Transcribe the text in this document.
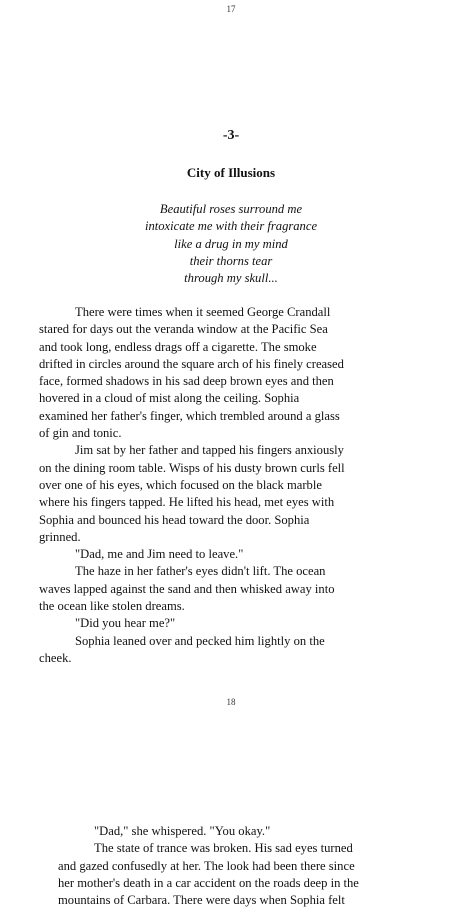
17
-3-
City of Illusions
Beautiful roses surround me
intoxicate me with their fragrance
like a drug in my mind
their thorns tear
through my skull...
There were times when it seemed George Crandall
stared for days out the veranda window at the Pacific Sea
and took long, endless drags off a cigarette. The smoke
drifted in circles around the square arch of his finely creased
face, formed shadows in his sad deep brown eyes and then
hovered in a cloud of mist along the ceiling. Sophia
examined her father's finger, which trembled around a glass
of gin and tonic.
Jim sat by her father and tapped his fingers anxiously
on the dining room table. Wisps of his dusty brown curls fell
over one of his eyes, which focused on the black marble
where his fingers tapped. He lifted his head, met eyes with
Sophia and bounced his head toward the door. Sophia
grinned.
"Dad, me and Jim need to leave."
The haze in her father's eyes didn't lift. The ocean
waves lapped against the sand and then whisked away into
the ocean like stolen dreams.
"Did you hear me?"
Sophia leaned over and pecked him lightly on the
cheek.
18
"Dad," she whispered. "You okay."
The state of trance was broken. His sad eyes turned
and gazed confusedly at her. The look had been there since
her mother's death in a car accident on the roads deep in the
mountains of Carbara. There were days when Sophia felt
